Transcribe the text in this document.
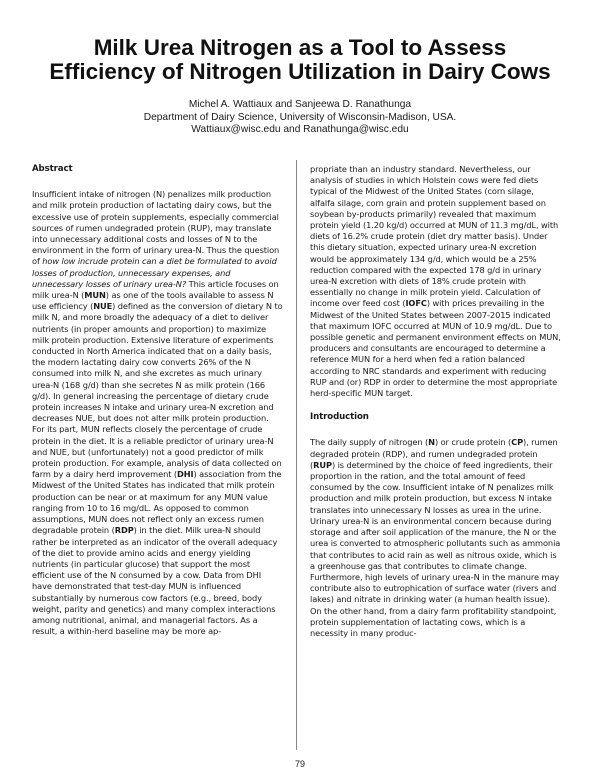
Milk Urea Nitrogen as a Tool to Assess
Efficiency of Nitrogen Utilization in Dairy Cows
Michel A. Wattiaux and Sanjeewa D. Ranathunga
Department of Dairy Science, University of Wisconsin-Madison, USA.
Wattiaux@wisc.edu and Ranathunga@wisc.edu
Abstract

Insufficient intake of nitrogen (N) penalizes milk production and milk protein production of lactating dairy cows, but the excessive use of protein supplements, especially commercial sources of rumen undegraded protein (RUP), may translate into unnecessary additional costs and losses of N to the environment in the form of urinary urea-N. Thus the question of how low incrude protein can a diet be formulated to avoid losses of production, unnecessary expenses, and unnecessary losses of urinary urea-N? This article focuses on milk urea-N (MUN) as one of the tools available to assess N use efficiency (NUE) defined as the conversion of dietary N to milk N, and more broadly the adequacy of a diet to deliver nutrients (in proper amounts and proportion) to maximize milk protein production. Extensive literature of experiments conducted in North America indicated that on a daily basis, the modern lactating dairy cow converts 26% of the N consumed into milk N, and she excretes as much urinary urea-N (168 g/d) than she secretes N as milk protein (166 g/d). In general increasing the percentage of dietary crude protein increases N intake and urinary urea-N excretion and decreases NUE, but does not alter milk protein production. For its part, MUN reflects closely the percentage of crude protein in the diet. It is a reliable predictor of urinary urea-N and NUE, but (unfortunately) not a good predictor of milk protein production. For example, analysis of data collected on farm by a dairy herd improvement (DHI) association from the Midwest of the United States has indicated that milk protein production can be near or at maximum for any MUN value ranging from 10 to 16 mg/dL. As opposed to common assumptions, MUN does not reflect only an excess rumen degradable protein (RDP) in the diet. Milk urea-N should rather be interpreted as an indicator of the overall adequacy of the diet to provide amino acids and energy yielding nutrients (in particular glucose) that support the most efficient use of the N consumed by a cow. Data from DHI have demonstrated that test-day MUN is influenced substantially by numerous cow factors (e.g., breed, body weight, parity and genetics) and many complex interactions among nutritional, animal, and managerial factors. As a result, a within-herd baseline may be more ap-

propriate than an industry standard. Nevertheless, our analysis of studies in which Holstein cows were fed diets typical of the Midwest of the United States (corn silage, alfalfa silage, corn grain and protein supplement based on soybean by-products primarily) revealed that maximum protein yield (1.20 kg/d) occurred at MUN of 11.3 mg/dL, with diets of 16.2% crude protein (diet dry matter basis). Under this dietary situation, expected urinary urea-N excretion would be approximately 134 g/d, which would be a 25% reduction compared with the expected 178 g/d in urinary urea-N excretion with diets of 18% crude protein with essentially no change in milk protein yield. Calculation of income over feed cost (IOFC) with prices prevailing in the Midwest of the United States between 2007-2015 indicated that maximum IOFC occurred at MUN of 10.9 mg/dL. Due to possible genetic and permanent environment effects on MUN, producers and consultants are encouraged to determine a reference MUN for a herd when fed a ration balanced according to NRC standards and experiment with reducing RUP and (or) RDP in order to determine the most appropriate herd-specific MUN target.

Introduction

The daily supply of nitrogen (N) or crude protein (CP), rumen degraded protein (RDP), and rumen undegraded protein (RUP) is determined by the choice of feed ingredients, their proportion in the ration, and the total amount of feed consumed by the cow. Insufficient intake of N penalizes milk production and milk protein production, but excess N intake translates into unnecessary N losses as urea in the urine. Urinary urea-N is an environmental concern because during storage and after soil application of the manure, the N or the urea is converted to atmospheric pollutants such as ammonia that contributes to acid rain as well as nitrous oxide, which is a greenhouse gas that contributes to climate change. Furthermore, high levels of urinary urea-N in the manure may contribute also to eutrophication of surface water (rivers and lakes) and nitrate in drinking water (a human health issue). On the other hand, from a dairy farm profitability standpoint, protein supplementation of lactating cows, which is a necessity in many produc-

79
